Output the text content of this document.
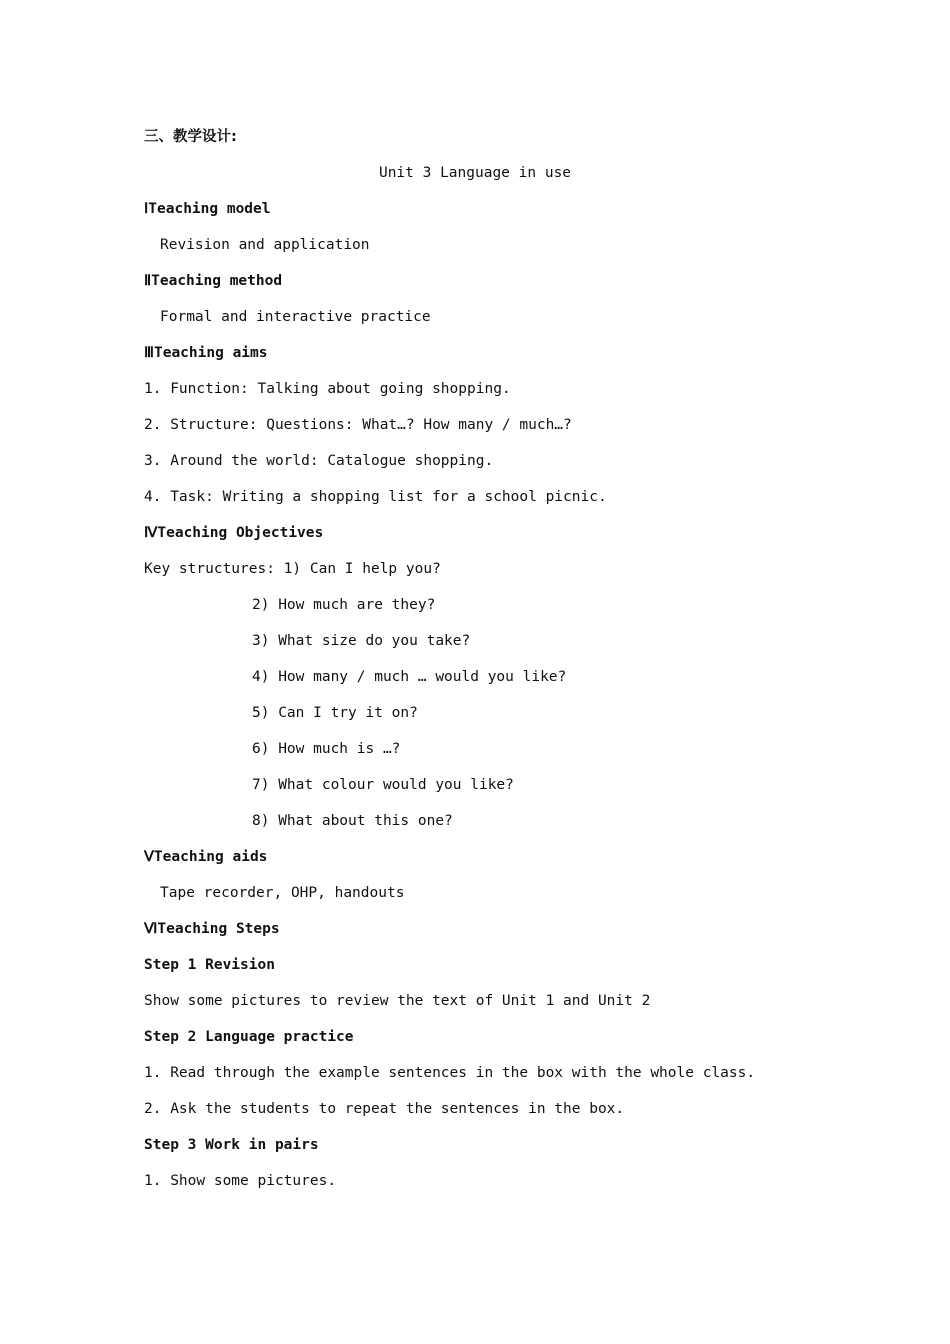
三、教学设计:
Unit 3 Language in use
ⅠTeaching model
Revision and application
ⅡTeaching method
Formal and interactive practice
ⅢTeaching aims
1. Function: Talking about going shopping.
2. Structure: Questions: What…? How many / much…?
3. Around the world: Catalogue shopping.
4. Task: Writing a shopping list for a school picnic.
ⅣTeaching Objectives
Key structures: 1) Can I help you?
2) How much are they?
3) What size do you take?
4) How many / much … would you like?
5) Can I try it on?
6) How much is …?
7) What colour would you like?
8) What about this one?
ⅤTeaching aids
Tape recorder, OHP, handouts
ⅥTeaching Steps
Step 1 Revision
Show some pictures to review the text of Unit 1 and Unit 2
Step 2 Language practice
1. Read through the example sentences in the box with the whole class.
2. Ask the students to repeat the sentences in the box.
Step 3 Work in pairs
1. Show some pictures.
